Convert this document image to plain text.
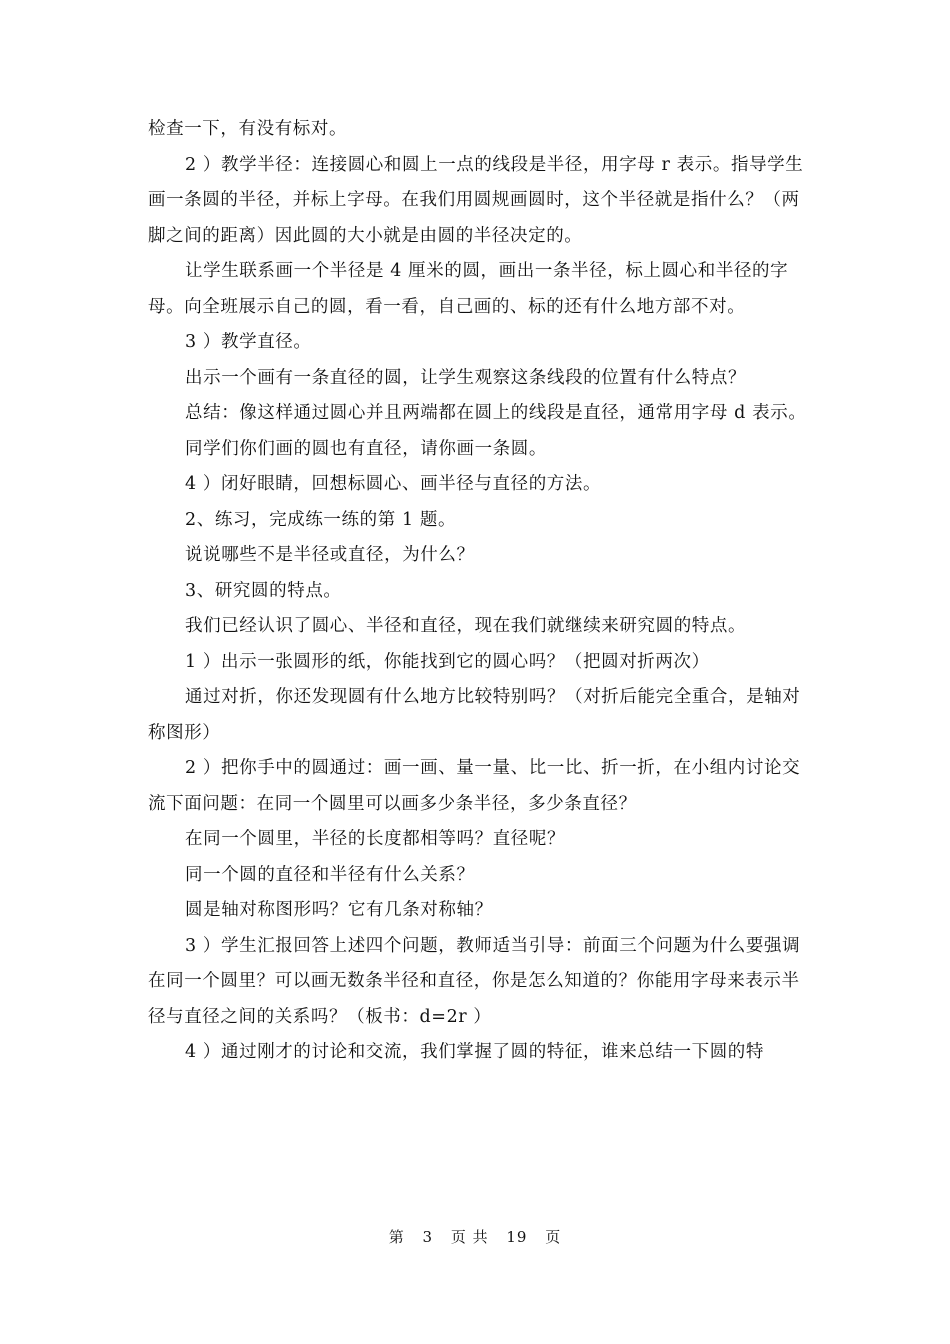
检查一下，有没有标对。

2 ）教学半径：连接圆心和圆上一点的线段是半径，用字母 r 表示。指导学生画一条圆的半径，并标上字母。在我们用圆规画圆时，这个半径就是指什么？（两脚之间的距离）因此圆的大小就是由圆的半径决定的。

让学生联系画一个半径是 4 厘米的圆，画出一条半径，标上圆心和半径的字母。向全班展示自己的圆，看一看，自己画的、标的还有什么地方部不对。

3 ）教学直径。

出示一个画有一条直径的圆，让学生观察这条线段的位置有什么特点？

总结：像这样通过圆心并且两端都在圆上的线段是直径，通常用字母 d 表示。

同学们你们画的圆也有直径，请你画一条圆。

4 ）闭好眼睛，回想标圆心、画半径与直径的方法。

2、练习，完成练一练的第 1 题。

说说哪些不是半径或直径，为什么？

3、研究圆的特点。

我们已经认识了圆心、半径和直径，现在我们就继续来研究圆的特点。

1 ）出示一张圆形的纸，你能找到它的圆心吗？（把圆对折两次）

通过对折，你还发现圆有什么地方比较特别吗？（对折后能完全重合，是轴对称图形）

2 ）把你手中的圆通过：画一画、量一量、比一比、折一折，在小组内讨论交流下面问题：在同一个圆里可以画多少条半径，多少条直径？

在同一个圆里，半径的长度都相等吗？直径呢？

同一个圆的直径和半径有什么关系？

圆是轴对称图形吗？它有几条对称轴？

3 ）学生汇报回答上述四个问题，教师适当引导：前面三个问题为什么要强调在同一个圆里？可以画无数条半径和直径，你是怎么知道的？你能用字母来表示半径与直径之间的关系吗？（板书：d=2r ）

4 ）通过刚才的讨论和交流，我们掌握了圆的特征，谁来总结一下圆的特

第 3 页 共 19 页
